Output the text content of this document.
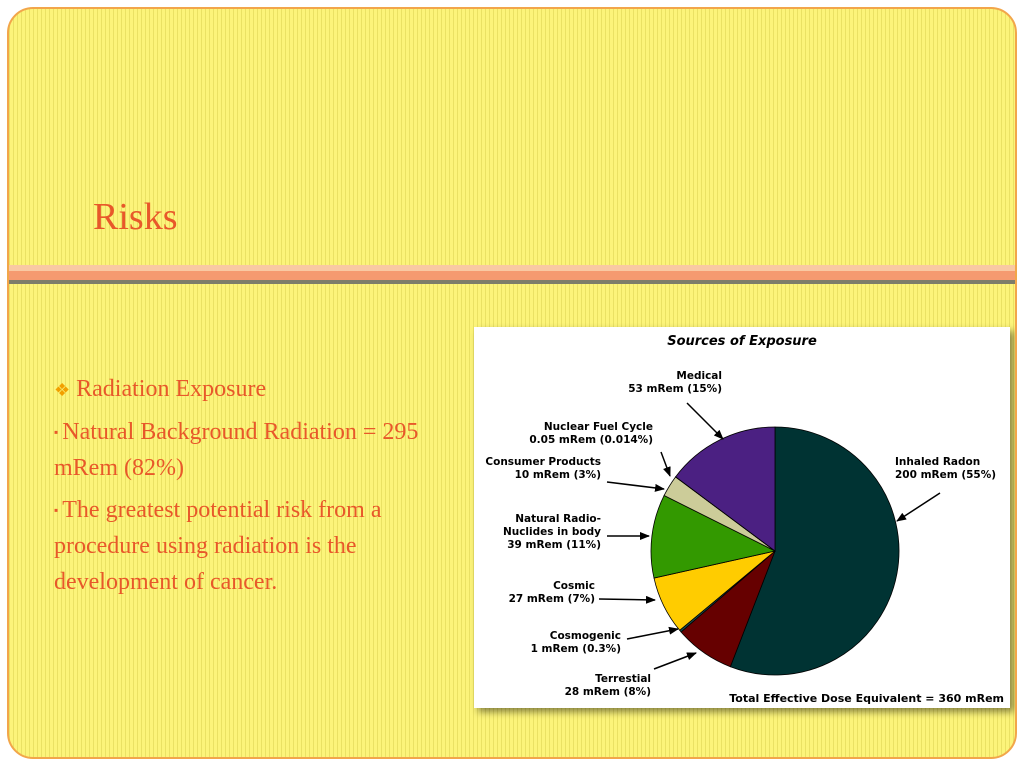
Risks

❖ Radiation Exposure

▪ Natural Background Radiation = 295 mRem (82%)

▪ The greatest potential risk from a procedure using radiation is the development of cancer.

Sources of Exposure
Inhaled Radon 200 mRem (55%)
Terrestial 28 mRem (8%)
Cosmogenic 1 mRem (0.3%)
Cosmic 27 mRem (7%)
Natural Radio-Nuclides in body 39 mRem (11%)
Consumer Products 10 mRem (3%)
Nuclear Fuel Cycle 0.05 mRem (0.014%)
Medical 53 mRem (15%)
Total Effective Dose Equivalent = 360 mRem
